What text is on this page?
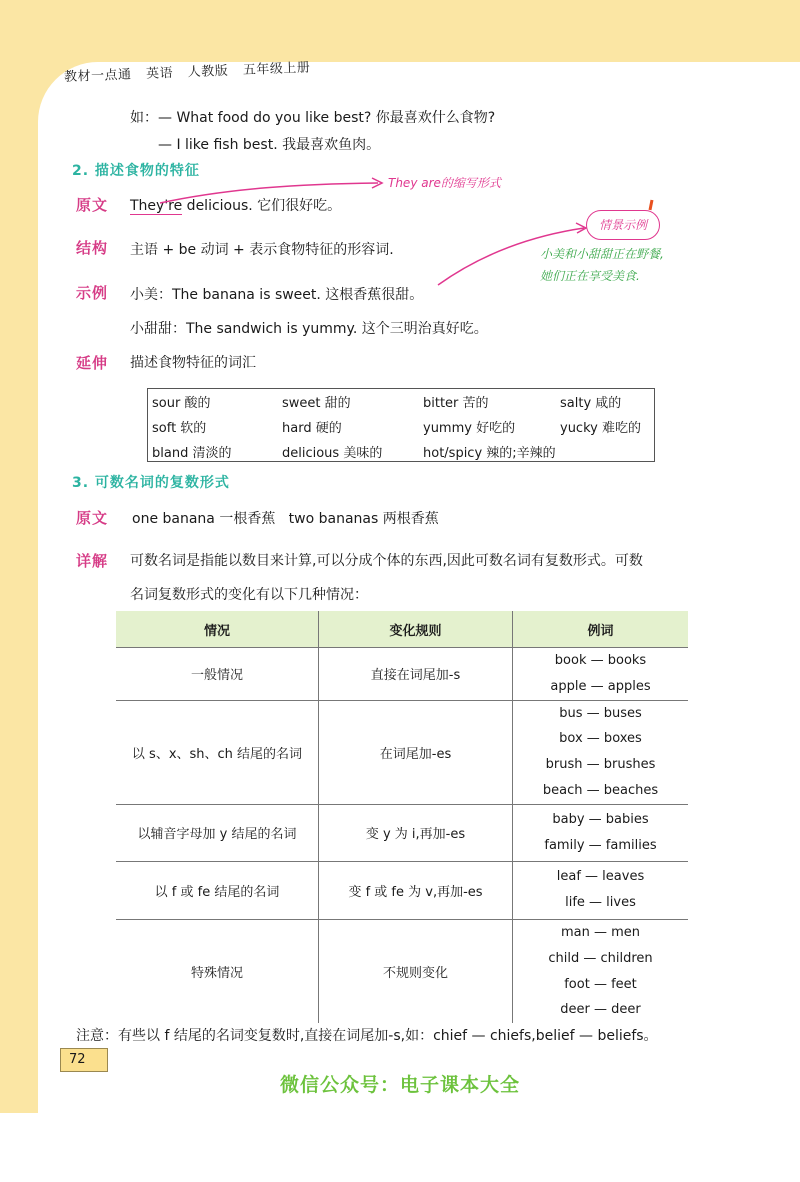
教材一点通 英语 人教版 五年级上册
如：— What food do you like best? 你最喜欢什么食物?
— I like fish best. 我最喜欢鱼肉。
2. 描述食物的特征
原文 They're delicious. 它们很好吃。
They are的缩写形式
结构 主语 + be 动词 + 表示食物特征的形容词.
情景示例
小美和小甜甜正在野餐,
她们正在享受美食.
示例 小美：The banana is sweet. 这根香蕉很甜。
小甜甜：The sandwich is yummy. 这个三明治真好吃。
延伸 描述食物特征的词汇
sour 酸的	sweet 甜的	bitter 苦的	salty 咸的
soft 软的	hard 硬的	yummy 好吃的	yucky 难吃的
bland 清淡的	delicious 美味的	hot/spicy 辣的;辛辣的
3. 可数名词的复数形式
原文 one banana 一根香蕉   two bananas 两根香蕉
详解 可数名词是指能以数目来计算,可以分成个体的东西,因此可数名词有复数形式。可数
名词复数形式的变化有以下几种情况：
情况	变化规则	例词
一般情况	直接在词尾加-s	book — books
apple — apples

以 s、x、sh、ch 结尾的名词	在词尾加-es	bus — buses
box — boxes
brush — brushes
beach — beaches

以辅音字母加 y 结尾的名词	变 y 为 i,再加-es	baby — babies
family — families

以 f 或 fe 结尾的名词	变 f 或 fe 为 v,再加-es	leaf — leaves
life — lives

特殊情况	不规则变化	man — men
child — children
foot — feet
deer — deer
注意：有些以 f 结尾的名词变复数时,直接在词尾加-s,如：chief — chiefs,belief — beliefs。
72
微信公众号：电子课本大全
